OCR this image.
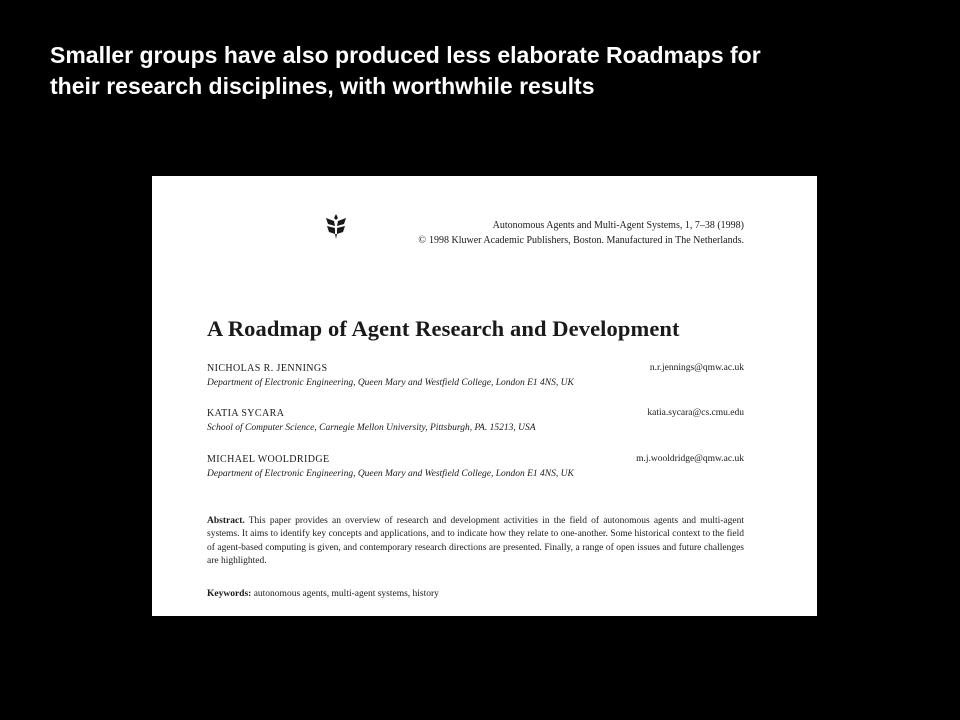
Smaller groups have also produced less elaborate Roadmaps for
their research disciplines, with worthwhile results
Autonomous Agents and Multi-Agent Systems, 1, 7–38 (1998)
© 1998 Kluwer Academic Publishers, Boston. Manufactured in The Netherlands.
A Roadmap of Agent Research and Development
NICHOLAS R. JENNINGS	n.r.jennings@qmw.ac.uk
Department of Electronic Engineering, Queen Mary and Westfield College, London E1 4NS, UK
KATIA SYCARA	katia.sycara@cs.cmu.edu
School of Computer Science, Carnegie Mellon University, Pittsburgh, PA. 15213, USA
MICHAEL WOOLDRIDGE	m.j.wooldridge@qmw.ac.uk
Department of Electronic Engineering, Queen Mary and Westfield College, London E1 4NS, UK
Abstract. This paper provides an overview of research and development activities in the field of autonomous agents and multi-agent systems. It aims to identify key concepts and applications, and to indicate how they relate to one-another. Some historical context to the field of agent-based computing is given, and contemporary research directions are presented. Finally, a range of open issues and future challenges are highlighted.
Keywords: autonomous agents, multi-agent systems, history
